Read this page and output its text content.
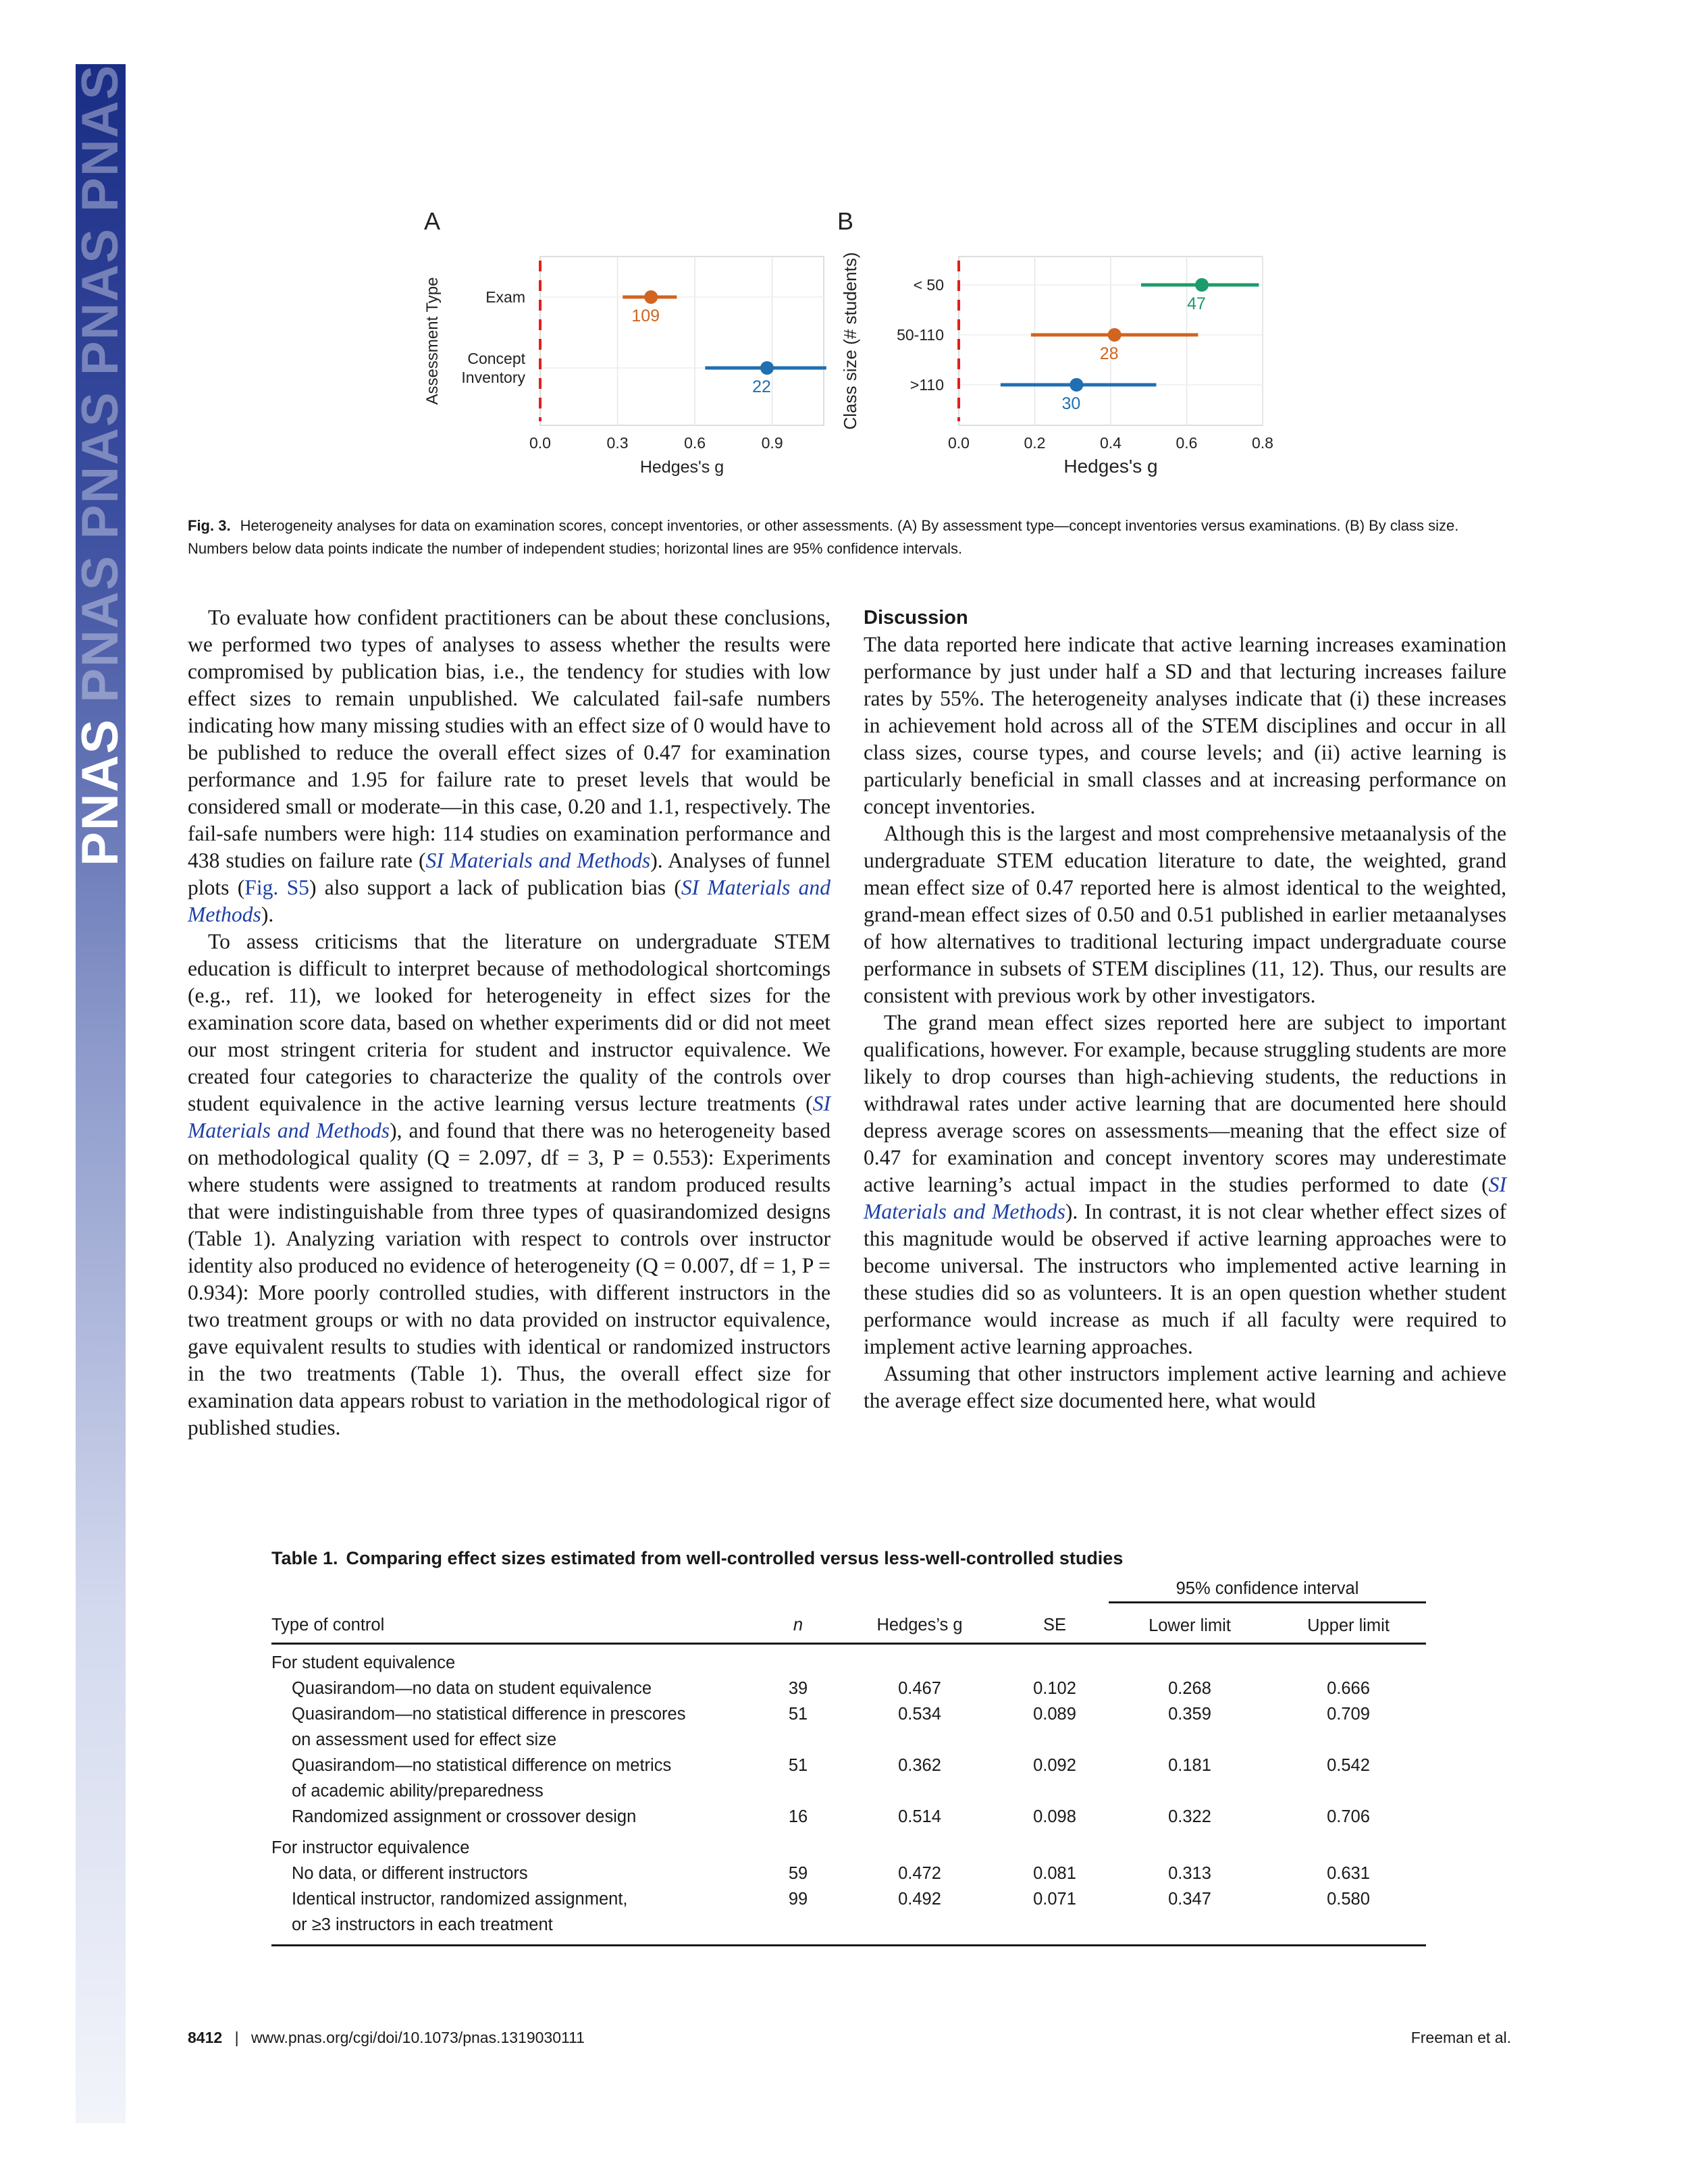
PNAS PNAS PNAS PNAS PNAS	0.0	0.3	0.6	0.9
Hedges's g
A
Assessment Type	Exam
109
Concept
Inventory	22
0.0	0.2	0.4	0.6	0.8
Hedges's g
B
Class size (# students)	< 50
47
50-110
28
>110
30
Fig. 3. Heterogeneity analyses for data on examination scores, concept inventories, or other assessments. (A) By assessment type—concept inventories versus examinations. (B) By class size. Numbers below data points indicate the number of independent studies; horizontal lines are 95% confidence intervals.

To evaluate how confident practitioners can be about these conclusions, we performed two types of analyses to assess whether the results were compromised by publication bias, i.e., the tendency for studies with low effect sizes to remain unpublished. We calculated fail-safe numbers indicating how many missing studies with an effect size of 0 would have to be published to reduce the overall effect sizes of 0.47 for examination performance and 1.95 for failure rate to preset levels that would be considered small or moderate—in this case, 0.20 and 1.1, respectively. The fail-safe numbers were high: 114 studies on examination performance and 438 studies on failure rate (SI Materials and Methods). Analyses of funnel plots (Fig. S5) also support a lack of publication bias (SI Materials and Methods).

To assess criticisms that the literature on undergraduate STEM education is difficult to interpret because of methodological shortcomings (e.g., ref. 11), we looked for heterogeneity in effect sizes for the examination score data, based on whether experiments did or did not meet our most stringent criteria for student and instructor equivalence. We created four categories to characterize the quality of the controls over student equivalence in the active learning versus lecture treatments (SI Materials and Methods), and found that there was no heterogeneity based on methodological quality (Q = 2.097, df = 3, P = 0.553): Experiments where students were assigned to treatments at random produced results that were indistinguishable from three types of quasirandomized designs (Table 1). Analyzing variation with respect to controls over instructor identity also produced no evidence of heterogeneity (Q = 0.007, df = 1, P = 0.934): More poorly controlled studies, with different instructors in the two treatment groups or with no data provided on instructor equivalence, gave equivalent results to studies with identical or randomized instructors in the two treatments (Table 1). Thus, the overall effect size for examination data appears robust to variation in the methodological rigor of published studies.

Discussion

The data reported here indicate that active learning increases examination performance by just under half a SD and that lecturing increases failure rates by 55%. The heterogeneity analyses indicate that (i) these increases in achievement hold across all of the STEM disciplines and occur in all class sizes, course types, and course levels; and (ii) active learning is particularly beneficial in small classes and at increasing performance on concept inventories.

Although this is the largest and most comprehensive metaanalysis of the undergraduate STEM education literature to date, the weighted, grand mean effect size of 0.47 reported here is almost identical to the weighted, grand-mean effect sizes of 0.50 and 0.51 published in earlier metaanalyses of how alternatives to traditional lecturing impact undergraduate course performance in subsets of STEM disciplines (11, 12). Thus, our results are consistent with previous work by other investigators.

The grand mean effect sizes reported here are subject to important qualifications, however. For example, because struggling students are more likely to drop courses than high-achieving students, the reductions in withdrawal rates under active learning that are documented here should depress average scores on assessments—meaning that the effect size of 0.47 for examination and concept inventory scores may underestimate active learning’s actual impact in the studies performed to date (SI Materials and Methods). In contrast, it is not clear whether effect sizes of this magnitude would be observed if active learning approaches were to become universal. The instructors who implemented active learning in these studies did so as volunteers. It is an open question whether student performance would increase as much if all faculty were required to implement active learning approaches.

Assuming that other instructors implement active learning and achieve the average effect size documented here, what would

Table 1. Comparing effect sizes estimated from well-controlled versus less-well-controlled studies
				95% confidence interval	
Type of control	n	Hedges’s g	SE	Lower limit	Upper limit
For student equivalence					

Quasirandom—no data on student equivalence	39	0.467	0.102	0.268	0.666

Quasirandom—no statistical difference in prescores
on assessment used for effect size	51	0.534	0.089	0.359	0.709

Quasirandom—no statistical difference on metrics
of academic ability/preparedness	51	0.362	0.092	0.181	0.542

Randomized assignment or crossover design	16	0.514	0.098	0.322	0.706
For instructor equivalence					

No data, or different instructors	59	0.472	0.081	0.313	0.631

Identical instructor, randomized assignment,
or ≥3 instructors in each treatment	99	0.492	0.071	0.347	0.580
8412 | www.pnas.org/cgi/doi/10.1073/pnas.1319030111	Freeman et al.
